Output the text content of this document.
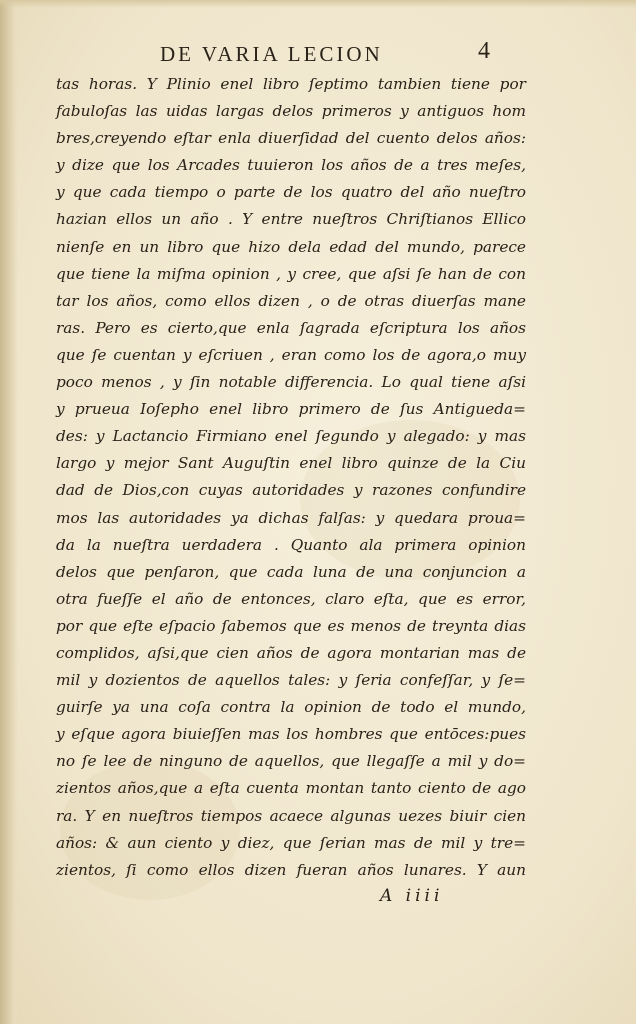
DE VARIA LECION	4
tas horas. Y Plinio enel libro ſeptimo tambien tiene por
fabuloſas las uidas largas delos primeros y antiguos hom
bres,creyendo eſtar enla diuerſidad del cuento delos años:
y dize que los Arcades tuuieron los años de a tres meſes,
y que cada tiempo o parte de los quatro del año nueſtro
hazian ellos un año . Y entre nueſtros Chriſtianos Ellico
nienſe en un libro que hizo dela edad del mundo, parece
que tiene la miſma opinion , y cree, que aſsi ſe han de con
tar los años, como ellos dizen , o de otras diuerſas mane
ras. Pero es cierto,que enla ſagrada eſcriptura los años
que ſe cuentan y eſcriuen , eran como los de agora,o muy
poco menos , y ſin notable differencia. Lo qual tiene aſsi
y prueua Ioſepho enel libro primero de ſus Antigueda=
des: y Lactancio Firmiano enel ſegundo y alegado: y mas
largo y mejor Sant Auguſtin enel libro quinze de la Ciu
dad de Dios,con cuyas autoridades y razones confundire
mos las autoridades ya dichas falſas: y quedara proua=
da la nueſtra uerdadera . Quanto ala primera opinion
delos que penſaron, que cada luna de una conjuncion a
otra fueſſe el año de entonces, claro eſta, que es error,
por que eſte eſpacio ſabemos que es menos de treynta dias
complidos, aſsi,que cien años de agora montarian mas de
mil y dozientos de aquellos tales: y ſeria confeſſar, y ſe=
guirſe ya una coſa contra la opinion de todo el mundo,
y eſque agora biuieſſen mas los hombres que entōces:pues
no ſe lee de ninguno de aquellos, que llegaſſe a mil y do=
zientos años,que a eſta cuenta montan tanto ciento de ago
ra. Y en nueſtros tiempos acaece algunas uezes biuir cien
años: & aun ciento y diez, que ſerian mas de mil y tre=
zientos, ſi como ellos dizen fueran años lunares. Y aun
A iiii
